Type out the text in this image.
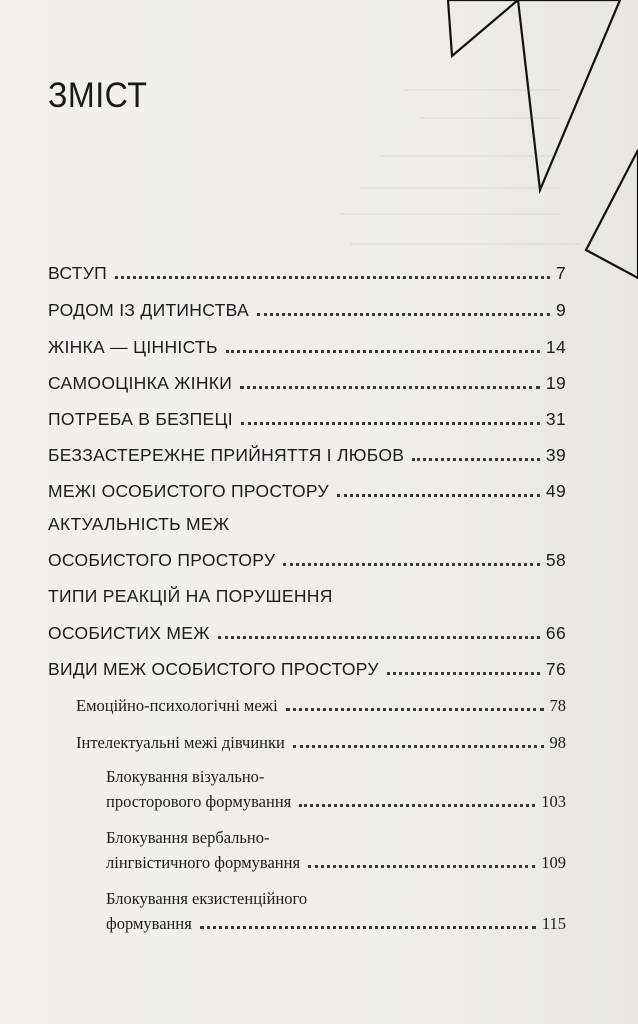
ЗМІСТ
ВСТУП	7
РОДОМ ІЗ ДИТИНСТВА	9
ЖІНКА — ЦІННІСТЬ	14
САМООЦІНКА ЖІНКИ	19
ПОТРЕБА В БЕЗПЕЦІ	31
БЕЗЗАСТЕРЕЖНЕ ПРИЙНЯТТЯ І ЛЮБОВ	39
МЕЖІ ОСОБИСТОГО ПРОСТОРУ	49
АКТУАЛЬНІСТЬ МЕЖ
ОСОБИСТОГО ПРОСТОРУ	58
ТИПИ РЕАКЦІЙ НА ПОРУШЕННЯ
ОСОБИСТИХ МЕЖ	66
ВИДИ МЕЖ ОСОБИСТОГО ПРОСТОРУ	76
Емоційно-психологічні межі	78
Інтелектуальні межі дівчинки	98
Блокування візуально-
просторового формування	103
Блокування вербально-
лінгвістичного формування	109
Блокування екзистенційного
формування	115
